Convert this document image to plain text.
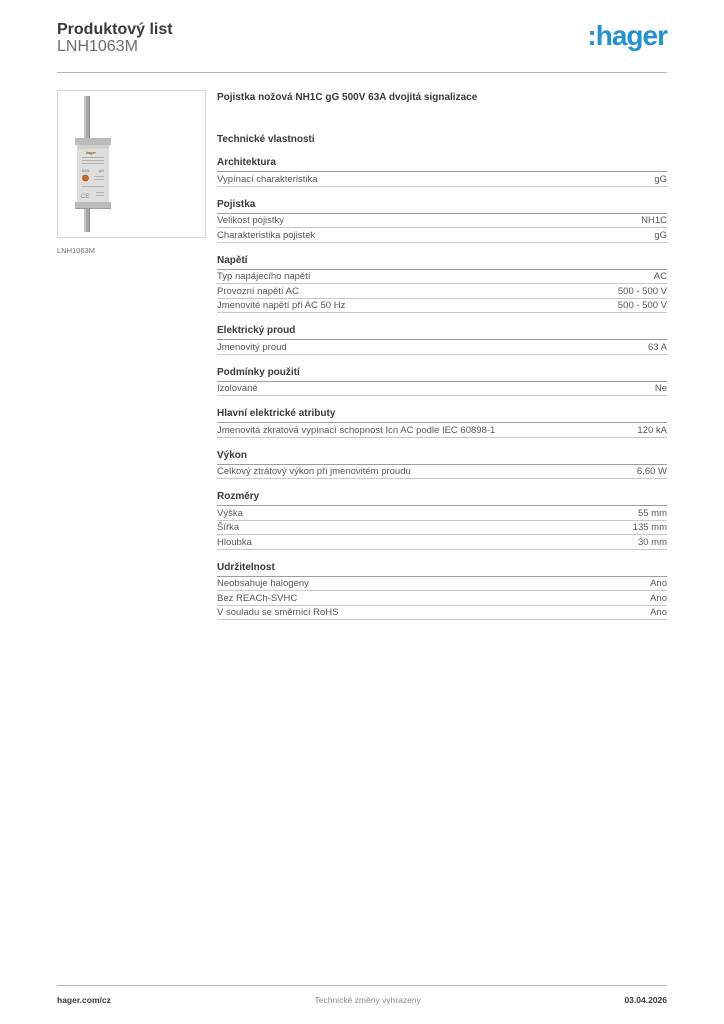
Produktový list
LNH1063M	:hager
hager
63A gG
CE
LNH1063M
Pojistka nožová NH1C gG 500V 63A dvojitá signalizace
Technické vlastnosti
Architektura
Vypínací charakteristika	gG
Pojistka
Velikost pojistky	NH1C
Charakteristika pojistek	gG
Napětí
Typ napájecího napětí	AC
Provozní napětí AC	500 - 500 V
Jmenovité napětí při AC 50 Hz	500 - 500 V
Elektrický proud
Jmenovitý proud	63 A
Podmínky použití
Izolované	Ne
Hlavní elektrické atributy
Jmenovitá zkratová vypínací schopnost Icn AC podle IEC 60898-1	120 kA
Výkon
Celkový ztrátový výkon při jmenovitém proudu	6,60 W
Rozměry
Výška	55 mm
Šířka	135 mm
Hloubka	30 mm
Udržitelnost
Neobsahuje halogeny	Ano
Bez REACh-SVHC	Ano
V souladu se směrnicí RoHS	Ano
hager.com/cz	Technické změny vyhrazeny	03.04.2026
